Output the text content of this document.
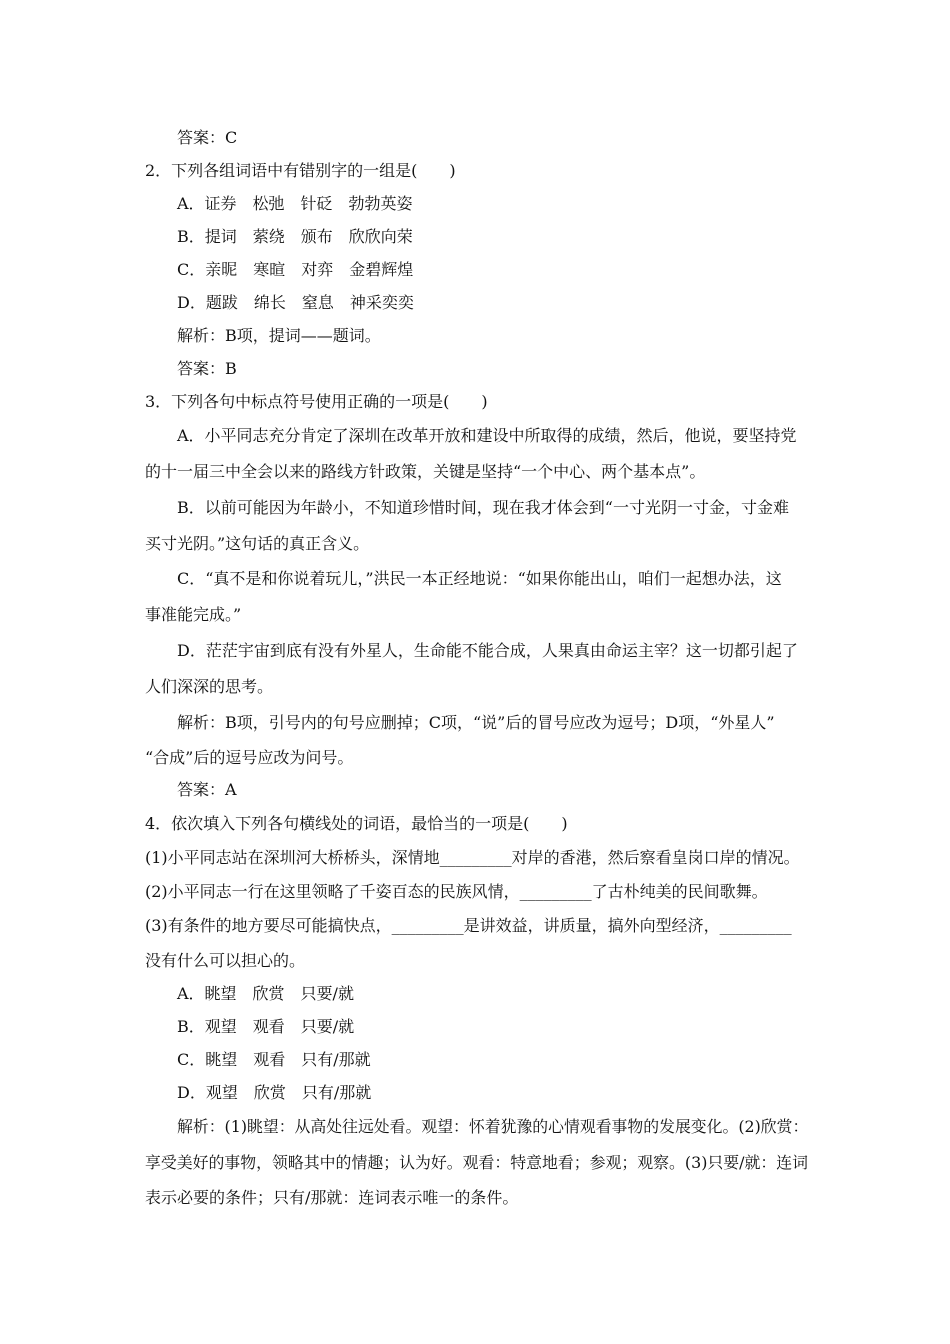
答案：C
2．下列各组词语中有错别字的一组是(　　)
A．证券　松弛　针砭　勃勃英姿
B．提词　萦绕　颁布　欣欣向荣
C．亲昵　寒暄　对弈　金碧辉煌
D．题跋　绵长　窒息　神采奕奕
解析：B项，提词——题词。
答案：B
3．下列各句中标点符号使用正确的一项是(　　)
A．小平同志充分肯定了深圳在改革开放和建设中所取得的成绩，然后，他说，要坚持党
的十一届三中全会以来的路线方针政策，关键是坚持“一个中心、两个基本点”。
B．以前可能因为年龄小，不知道珍惜时间，现在我才体会到“一寸光阴一寸金，寸金难
买寸光阴。”这句话的真正含义。
C．“真不是和你说着玩儿，”洪民一本正经地说：“如果你能出山，咱们一起想办法，这
事准能完成。”
D．茫茫宇宙到底有没有外星人，生命能不能合成，人果真由命运主宰？这一切都引起了
人们深深的思考。
解析：B项，引号内的句号应删掉；C项，“说”后的冒号应改为逗号；D项，“外星人”
“合成”后的逗号应改为问号。
答案：A
4．依次填入下列各句横线处的词语，最恰当的一项是(　　)
(1)小平同志站在深圳河大桥桥头，深情地_________对岸的香港，然后察看皇岗口岸的情况。
(2)小平同志一行在这里领略了千姿百态的民族风情，_________了古朴纯美的民间歌舞。
(3)有条件的地方要尽可能搞快点，_________是讲效益，讲质量，搞外向型经济，_________
没有什么可以担心的。
A．眺望　欣赏　只要/就
B．观望　观看　只要/就
C．眺望　观看　只有/那就
D．观望　欣赏　只有/那就
解析：(1)眺望：从高处往远处看。观望：怀着犹豫的心情观看事物的发展变化。(2)欣赏：
享受美好的事物，领略其中的情趣；认为好。观看：特意地看；参观；观察。(3)只要/就：连词
表示必要的条件；只有/那就：连词表示唯一的条件。
